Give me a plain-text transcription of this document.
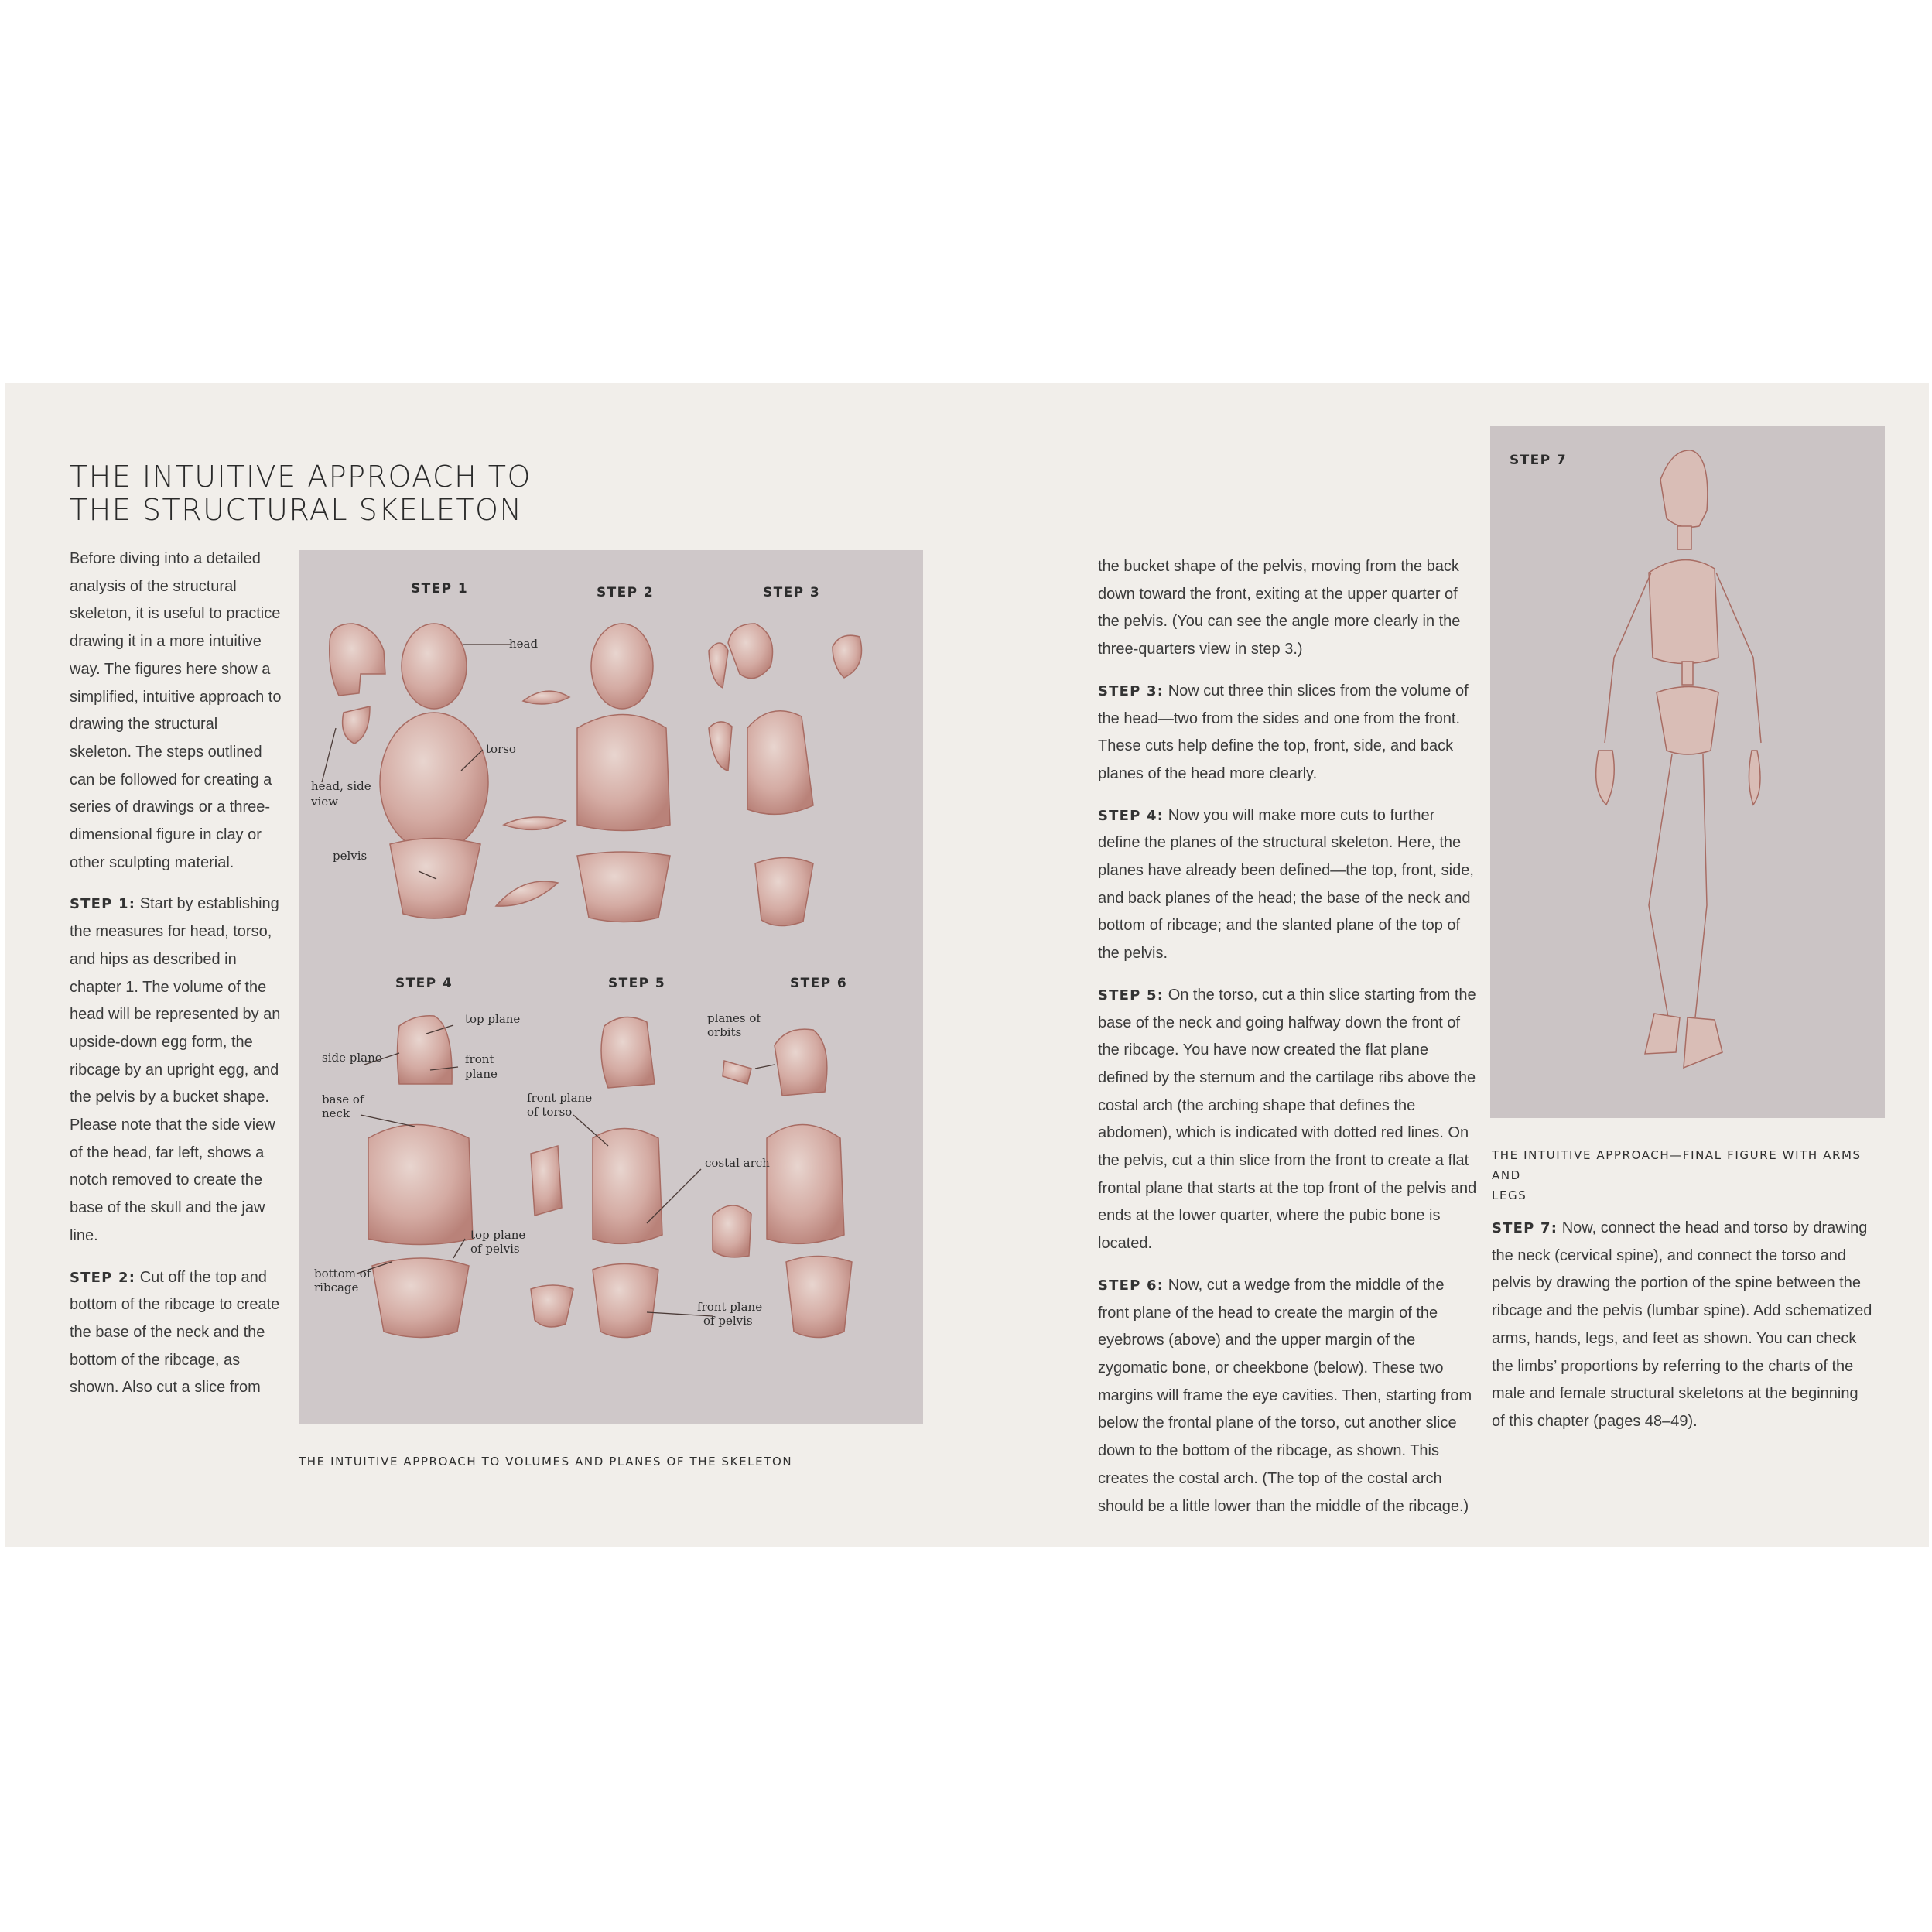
THE INTUITIVE APPROACH TO
THE STRUCTURAL SKELETON

Before diving into a detailed analysis of the structural skeleton, it is useful to practice drawing it in a more intuitive way. The figures here show a simplified, intuitive approach to drawing the structural skeleton. The steps outlined can be followed for creating a series of drawings or a three-dimensional figure in clay or other sculpting material.

STEP 1: Start by establishing the measures for head, torso, and hips as described in chapter 1. The volume of the head will be represented by an upside-down egg form, the ribcage by an upright egg, and the pelvis by a bucket shape. Please note that the side view of the head, far left, shows a notch removed to create the base of the skull and the jaw line.

STEP 2: Cut off the top and bottom of the ribcage to create the base of the neck and the bottom of the ribcage, as shown. Also cut a slice from

STEP 1	STEP 2	STEP 3
STEP 4	STEP 5	STEP 6
head
torso
head, side
view
pelvis
top plane
side plane	front
plane
base of
neck
top plane
of pelvis
bottom of
ribcage
front plane
of torso
costal arch
front plane
of pelvis
planes of
orbits
THE INTUITIVE APPROACH TO VOLUMES AND PLANES OF THE SKELETON

the bucket shape of the pelvis, moving from the back down toward the front, exiting at the upper quarter of the pelvis. (You can see the angle more clearly in the three-quarters view in step 3.)

STEP 3: Now cut three thin slices from the volume of the head—two from the sides and one from the front. These cuts help define the top, front, side, and back planes of the head more clearly.

STEP 4: Now you will make more cuts to further define the planes of the structural skeleton. Here, the planes have already been defined—the top, front, side, and back planes of the head; the base of the neck and bottom of ribcage; and the slanted plane of the top of the pelvis.

STEP 5: On the torso, cut a thin slice starting from the base of the neck and going halfway down the front of the ribcage. You have now created the flat plane defined by the sternum and the cartilage ribs above the costal arch (the arching shape that defines the abdomen), which is indicated with dotted red lines. On the pelvis, cut a thin slice from the front to create a flat frontal plane that starts at the top front of the pelvis and ends at the lower quarter, where the pubic bone is located.

STEP 6: Now, cut a wedge from the middle of the front plane of the head to create the margin of the eyebrows (above) and the upper margin of the zygomatic bone, or cheekbone (below). These two margins will frame the eye cavities. Then, starting from below the frontal plane of the torso, cut another slice down to the bottom of the ribcage, as shown. This creates the costal arch. (The top of the costal arch should be a little lower than the middle of the ribcage.)

STEP 7
THE INTUITIVE APPROACH—FINAL FIGURE WITH ARMS AND
LEGS

STEP 7: Now, connect the head and torso by drawing the neck (cervical spine), and connect the torso and pelvis by drawing the portion of the spine between the ribcage and the pelvis (lumbar spine). Add schematized arms, hands, legs, and feet as shown. You can check the limbs’ proportions by referring to the charts of the male and female structural skeletons at the beginning of this chapter (pages 48–49).
